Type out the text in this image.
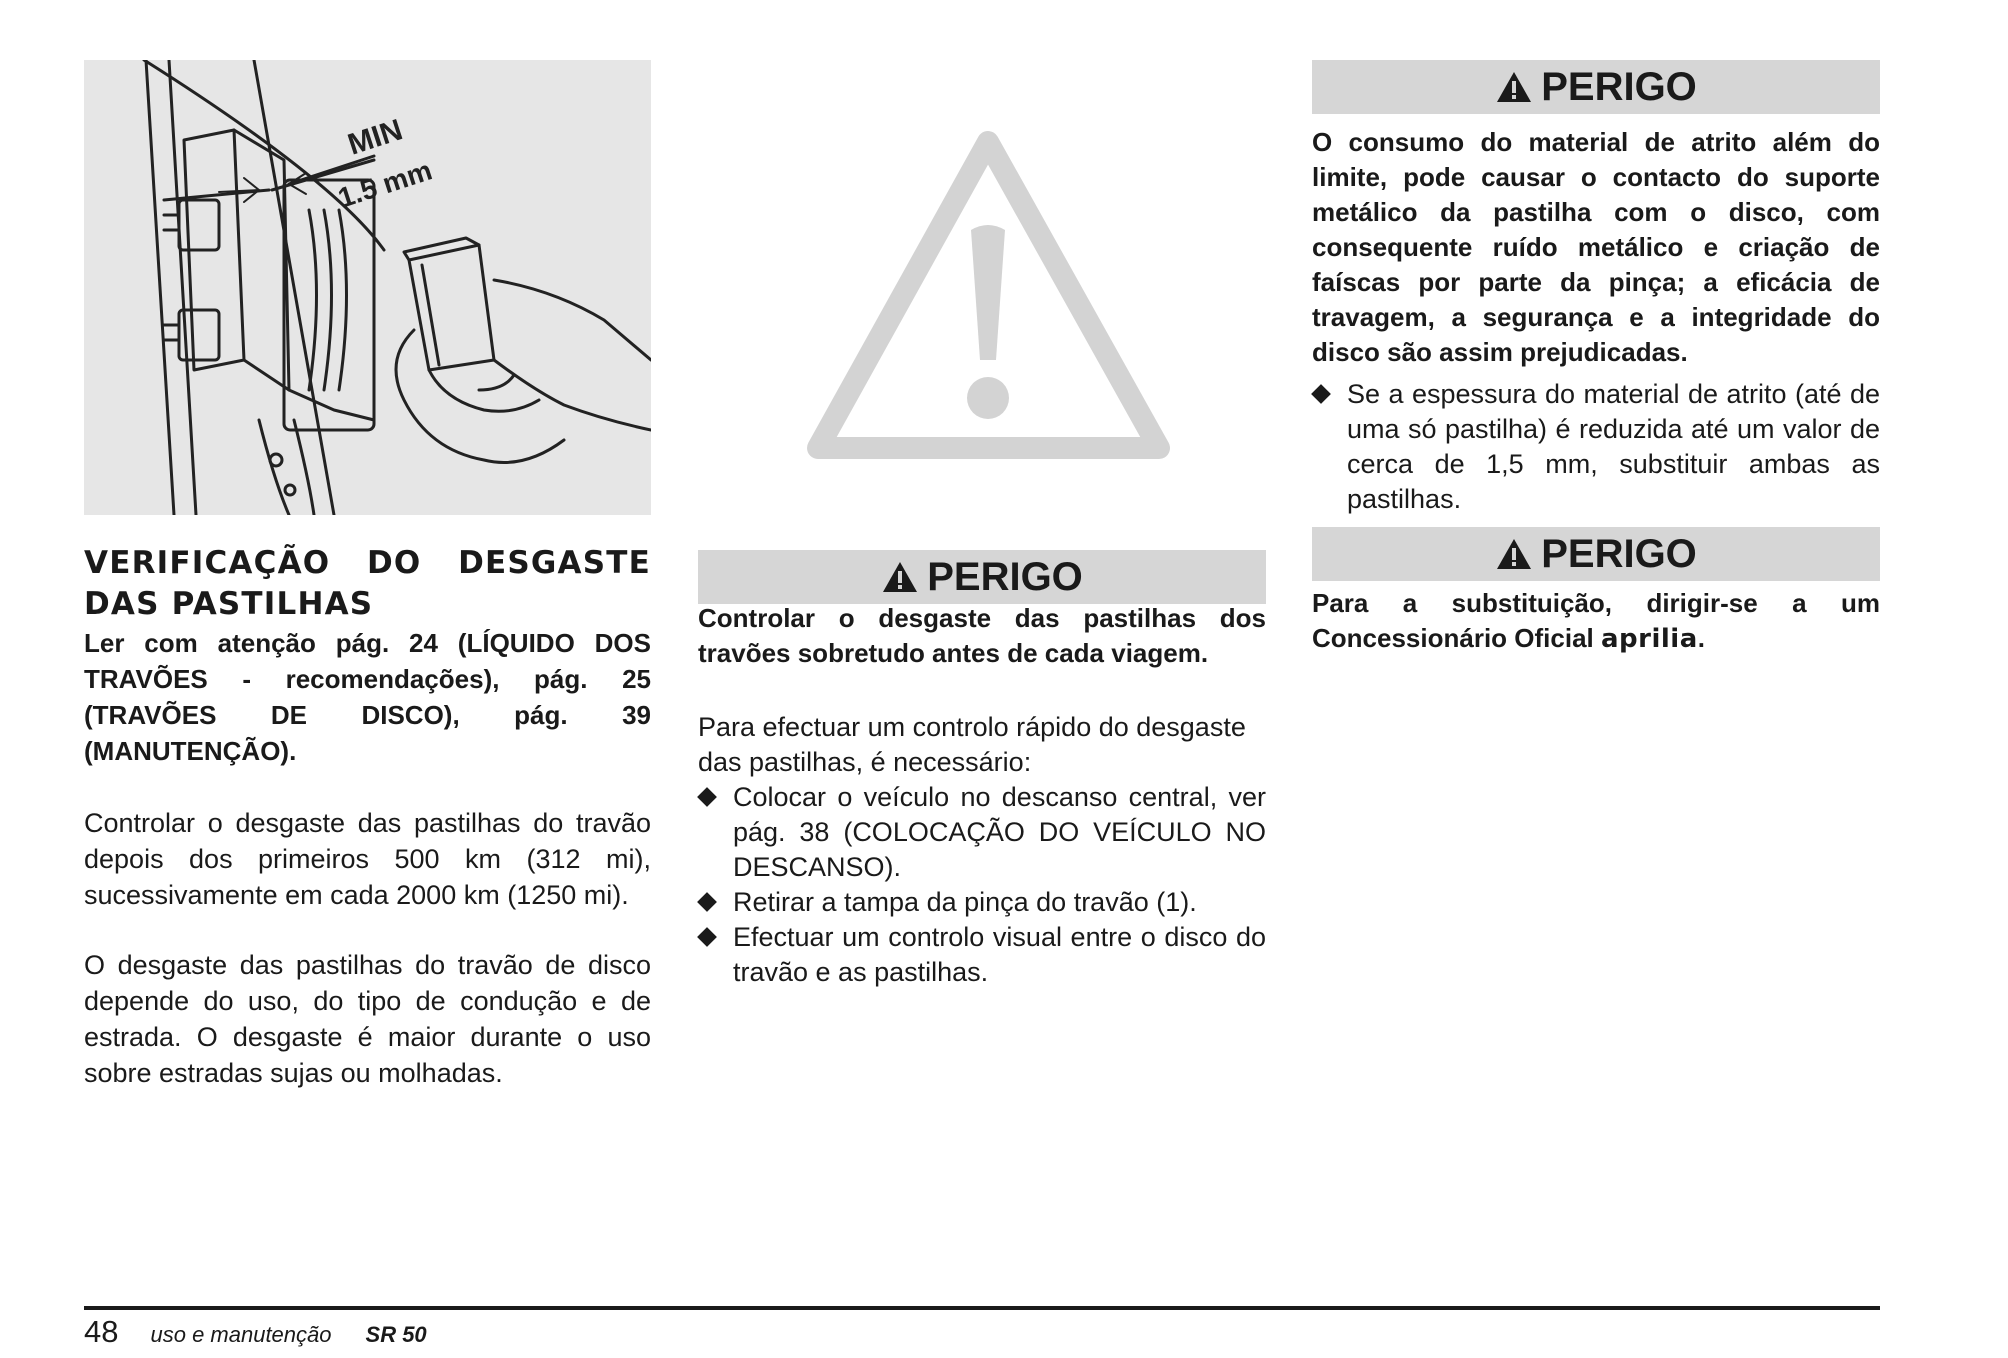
MIN
1.5 mm
VERIFICAÇÃO DO DESGASTE DAS PASTILHAS

Ler com atenção pág. 24 (LÍQUIDO DOS TRAVÕES - recomendações), pág. 25 (TRAVÕES DE DISCO), pág. 39 (MANUTENÇÃO).

Controlar o desgaste das pastilhas do travão depois dos primeiros 500 km (312 mi), sucessivamente em cada 2000 km (1250 mi).

O desgaste das pastilhas do travão de disco depende do uso, do tipo de condução e de estrada. O desgaste é maior durante o uso sobre estradas sujas ou molhadas.

PERIGO

Controlar o desgaste das pastilhas dos travões sobretudo antes de cada viagem.

Para efectuar um controlo rápido do desgaste das pastilhas, é necessário:

Colocar o veículo no descanso central, ver pág. 38 (COLOCAÇÃO DO VEÍCULO NO DESCANSO).
Retirar a tampa da pinça do travão (1).
Efectuar um controlo visual entre o disco do travão e as pastilhas.
PERIGO

O consumo do material de atrito além do limite, pode causar o contacto do suporte metálico da pastilha com o disco, com consequente ruído metálico e criação de faíscas por parte da pinça; a eficácia de travagem, a segurança e a integridade do disco são assim prejudicadas.

Se a espessura do material de atrito (até de uma só pastilha) é reduzida até um valor de cerca de 1,5 mm, substituir ambas as pastilhas.
PERIGO

Para a substituição, dirigir-se a um Concessionário Oficial aprilia.

48 uso e manutenção SR 50
